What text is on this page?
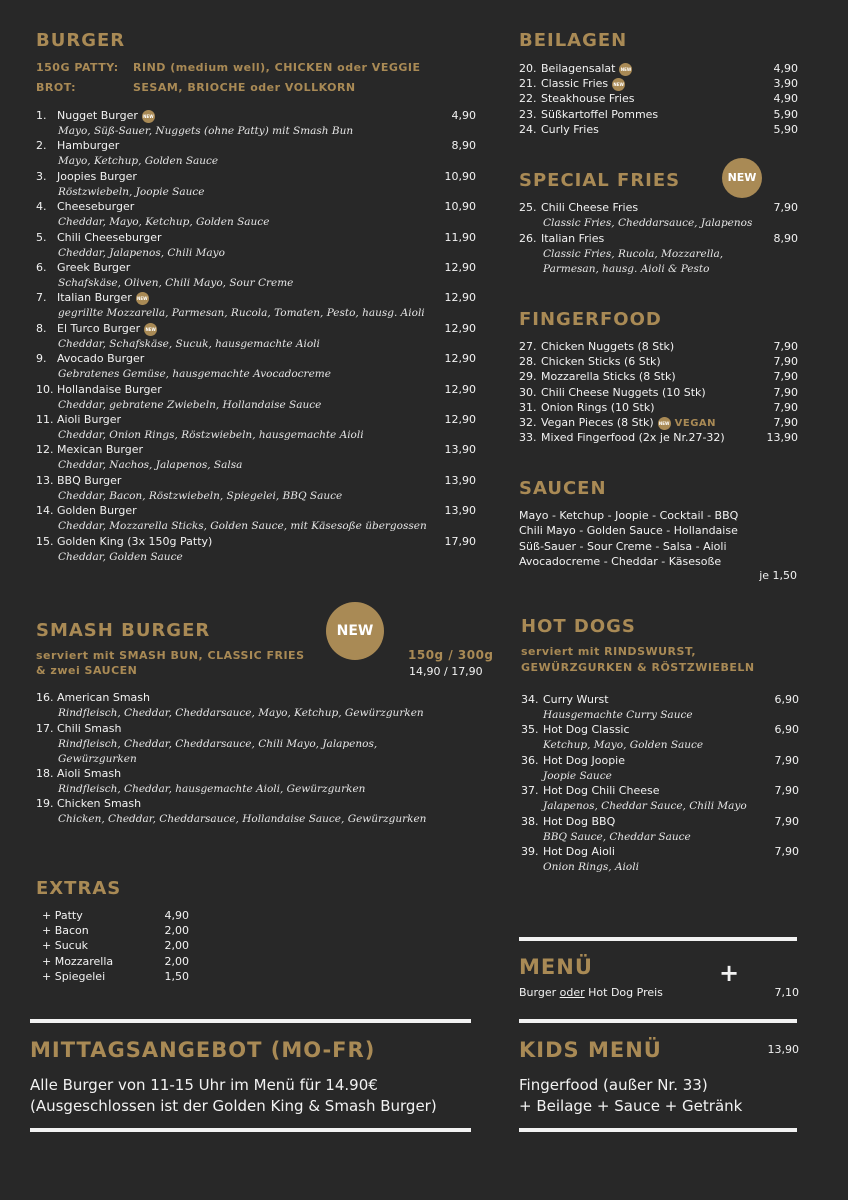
BURGER
150G PATTY: RIND (medium well), CHICKEN oder VEGGIE
BROT:	SESAM, BRIOCHE oder VOLLKORN
1. Nugget Burger NEW	4,90
Mayo, Süß-Sauer, Nuggets (ohne Patty) mit Smash Bun
2. Hamburger	8,90
Mayo, Ketchup, Golden Sauce
3. Joopies Burger	10,90
Röstzwiebeln, Joopie Sauce
4. Cheeseburger	10,90
Cheddar, Mayo, Ketchup, Golden Sauce
5. Chili Cheeseburger	11,90
Cheddar, Jalapenos, Chili Mayo
6. Greek Burger	12,90
Schafskäse, Oliven, Chili Mayo, Sour Creme
7. Italian Burger NEW	12,90
gegrillte Mozzarella, Parmesan, Rucola, Tomaten, Pesto, hausg. Aioli
8. El Turco Burger NEW	12,90
Cheddar, Schafskäse, Sucuk, hausgemachte Aioli
9. Avocado Burger	12,90
Gebratenes Gemüse, hausgemachte Avocadocreme
10. Hollandaise Burger	12,90
Cheddar, gebratene Zwiebeln, Hollandaise Sauce
11. Aioli Burger	12,90
Cheddar, Onion Rings, Röstzwiebeln, hausgemachte Aioli
12. Mexican Burger	13,90
Cheddar, Nachos, Jalapenos, Salsa
13. BBQ Burger	13,90
Cheddar, Bacon, Röstzwiebeln, Spiegelei, BBQ Sauce
14. Golden Burger	13,90
Cheddar, Mozzarella Sticks, Golden Sauce, mit Käsesoße übergossen
15. Golden King (3x 150g Patty)	17,90
Cheddar, Golden Sauce
SMASH BURGER	NEW
serviert mit SMASH BUN, CLASSIC FRIES
& zwei SAUCEN
150g / 300g
14,90 / 17,90
16. American Smash
Rindfleisch, Cheddar, Cheddarsauce, Mayo, Ketchup, Gewürzgurken
17. Chili Smash
Rindfleisch, Cheddar, Cheddarsauce, Chili Mayo, Jalapenos,
Gewürzgurken
18. Aioli Smash
Rindfleisch, Cheddar, hausgemachte Aioli, Gewürzgurken
19. Chicken Smash
Chicken, Cheddar, Cheddarsauce, Hollandaise Sauce, Gewürzgurken
EXTRAS
+ Patty	4,90
+ Bacon	2,00
+ Sucuk	2,00
+ Mozzarella	2,00
+ Spiegelei	1,50
MITTAGSANGEBOT (MO-FR)
Alle Burger von 11-15 Uhr im Menü für 14.90€
(Ausgeschlossen ist der Golden King & Smash Burger)
BEILAGEN
20. Beilagensalat NEW	4,90
21. Classic Fries NEW	3,90
22. Steakhouse Fries	4,90
23. Süßkartoffel Pommes	5,90
24. Curly Fries	5,90
SPECIAL FRIES	NEW
25. Chili Cheese Fries	7,90
Classic Fries, Cheddarsauce, Jalapenos
26. Italian Fries	8,90
Classic Fries, Rucola, Mozzarella,
Parmesan, hausg. Aioli & Pesto
FINGERFOOD
27. Chicken Nuggets (8 Stk)	7,90
28. Chicken Sticks (6 Stk)	7,90
29. Mozzarella Sticks (8 Stk)	7,90
30. Chili Cheese Nuggets (10 Stk)	7,90
31. Onion Rings (10 Stk)	7,90
32. Vegan Pieces (8 Stk) NEW VEGAN	7,90
33. Mixed Fingerfood (2x je Nr.27-32)	13,90
SAUCEN
Mayo - Ketchup - Joopie - Cocktail - BBQ
Chili Mayo - Golden Sauce - Hollandaise
Süß-Sauer - Sour Creme - Salsa - Aioli
Avocadocreme - Cheddar - Käsesoße
je 1,50
HOT DOGS
serviert mit RINDSWURST,
GEWÜRZGURKEN & RÖSTZWIEBELN
34. Curry Wurst	6,90
Hausgemachte Curry Sauce
35. Hot Dog Classic	6,90
Ketchup, Mayo, Golden Sauce
36. Hot Dog Joopie	7,90
Joopie Sauce
37. Hot Dog Chili Cheese	7,90
Jalapenos, Cheddar Sauce, Chili Mayo
38. Hot Dog BBQ	7,90
BBQ Sauce, Cheddar Sauce
39. Hot Dog Aioli	7,90
Onion Rings, Aioli
MENÜ	+
Burger oder Hot Dog Preis	7,10
KIDS MENÜ	13,90
Fingerfood (außer Nr. 33)
+ Beilage + Sauce + Getränk
